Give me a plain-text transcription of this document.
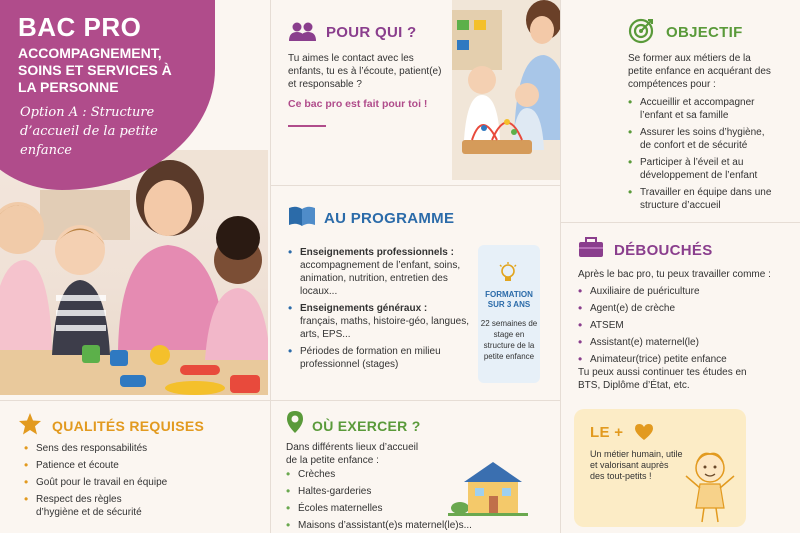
BAC PRO
ACCOMPAGNEMENT, SOINS ET SERVICES À LA PERSONNE
Option A : Structure d’accueil de la petite enfance
POUR QUI ?
Tu aimes le contact avec les enfants, tu es à l’écoute, patient(e) et responsable ?
Ce bac pro est fait pour toi !
OBJECTIF
Se former aux métiers de la petite enfance en acquérant des compétences pour :
• Accueillir et accompagner l’enfant et sa famille
• Assurer les soins d’hygiène, de confort et de sécurité
• Participer à l’éveil et au développement de l’enfant
• Travailler en équipe dans une structure d’accueil
AU PROGRAMME
• Enseignements professionnels :
accompagnement de l’enfant, soins, animation, nutrition, entretien des locaux...
• Enseignements généraux :
français, maths, histoire-géo, langues, arts, EPS...
• Périodes de formation en milieu professionnel (stages)
FORMATION SUR 3 ANS
22 semaines de stage en structure de la petite enfance
DÉBOUCHÉS
Après le bac pro, tu peux travailler comme :
• Auxiliaire de puériculture
• Agent(e) de crèche
• ATSEM
• Assistant(e) maternel(le)
• Animateur(trice) petite enfance
Tu peux aussi continuer tes études en BTS, Diplôme d’État, etc.
QUALITÉS REQUISES
• Sens des responsabilités
• Patience et écoute
• Goût pour le travail en équipe
• Respect des règles d’hygiène et de sécurité
OÙ EXERCER ?
Dans différents lieux d’accueil de la petite enfance :
• Crèches
• Haltes-garderies
• Écoles maternelles
• Maisons d’assistant(e)s maternel(le)s...
LE +
Un métier humain, utile et valorisant auprès des tout-petits !
